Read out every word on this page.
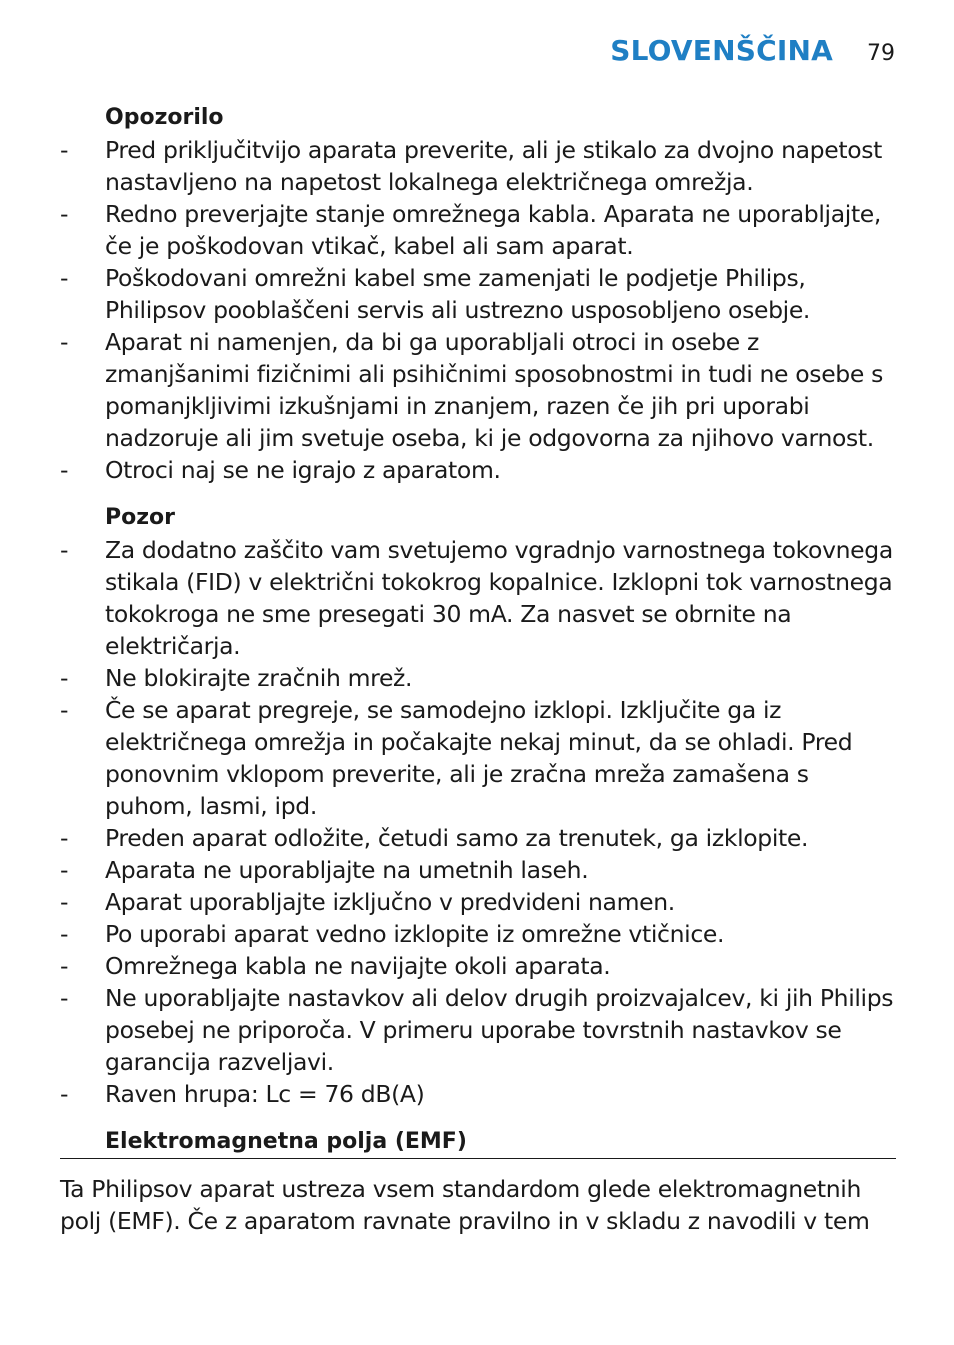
SLOVENŠČINA 79
Opozorilo
-	Pred priključitvijo aparata preverite, ali je stikalo za dvojno napetost nastavljeno na napetost lokalnega električnega omrežja.
-	Redno preverjajte stanje omrežnega kabla. Aparata ne uporabljajte, če je poškodovan vtikač, kabel ali sam aparat.
-	Poškodovani omrežni kabel sme zamenjati le podjetje Philips, Philipsov pooblaščeni servis ali ustrezno usposobljeno osebje.
-	Aparat ni namenjen, da bi ga uporabljali otroci in osebe z zmanjšanimi fizičnimi ali psihičnimi sposobnostmi in tudi ne osebe s pomanjkljivimi izkušnjami in znanjem, razen če jih pri uporabi nadzoruje ali jim svetuje oseba, ki je odgovorna za njihovo varnost.
-	Otroci naj se ne igrajo z aparatom.
Pozor
-	Za dodatno zaščito vam svetujemo vgradnjo varnostnega tokovnega stikala (FID) v električni tokokrog kopalnice. Izklopni tok varnostnega tokokroga ne sme presegati 30 mA. Za nasvet se obrnite na električarja.
-	Ne blokirajte zračnih mrež.
-	Če se aparat pregreje, se samodejno izklopi. Izključite ga iz električnega omrežja in počakajte nekaj minut, da se ohladi. Pred ponovnim vklopom preverite, ali je zračna mreža zamašena s puhom, lasmi, ipd.
-	Preden aparat odložite, četudi samo za trenutek, ga izklopite.
-	Aparata ne uporabljajte na umetnih laseh.
-	Aparat uporabljajte izključno v predvideni namen.
-	Po uporabi aparat vedno izklopite iz omrežne vtičnice.
-	Omrežnega kabla ne navijajte okoli aparata.
-	Ne uporabljajte nastavkov ali delov drugih proizvajalcev, ki jih Philips posebej ne priporoča. V primeru uporabe tovrstnih nastavkov se garancija razveljavi.
-	Raven hrupa: Lc = 76 dB(A)
Elektromagnetna polja (EMF)
Ta Philipsov aparat ustreza vsem standardom glede elektromagnetnih polj (EMF). Če z aparatom ravnate pravilno in v skladu z navodili v tem
